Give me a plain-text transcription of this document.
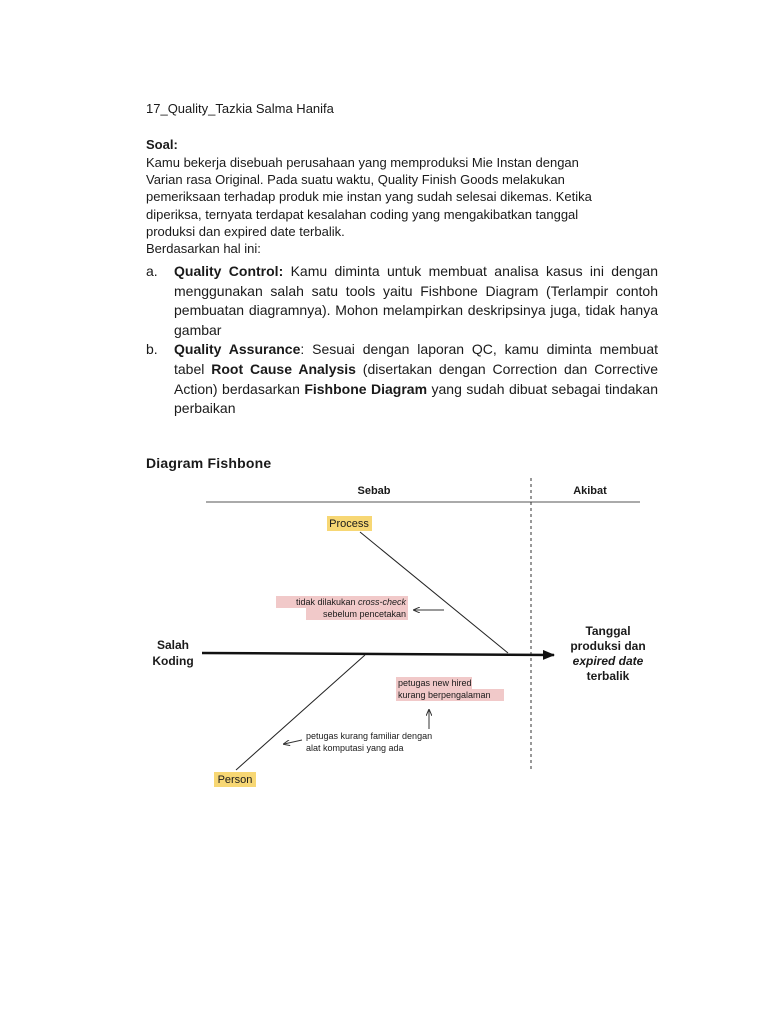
17_Quality_Tazkia Salma Hanifa
Soal:
Kamu bekerja disebuah perusahaan yang memproduksi Mie Instan dengan
Varian rasa Original. Pada suatu waktu, Quality Finish Goods melakukan
pemeriksaan terhadap produk mie instan yang sudah selesai dikemas. Ketika
diperiksa, ternyata terdapat kesalahan coding yang mengakibatkan tanggal
produksi dan expired date terbalik.
Berdasarkan hal ini:
a.	Quality Control: Kamu diminta untuk membuat analisa kasus ini dengan menggunakan salah satu tools yaitu Fishbone Diagram (Terlampir contoh pembuatan diagramnya). Mohon melampirkan deskripsinya juga, tidak hanya gambar
b.	Quality Assurance: Sesuai dengan laporan QC, kamu diminta membuat tabel Root Cause Analysis (disertakan dengan Correction dan Corrective Action) berdasarkan Fishbone Diagram yang sudah dibuat sebagai tindakan perbaikan
Diagram Fishbone
Sebab	Akibat
Salah
Koding
Tanggal
produksi dan
expired date
terbalik
Process
Person
tidak dilakukan cross-check
sebelum pencetakan
petugas new hired
kurang berpengalaman
petugas kurang familiar dengan
alat komputasi yang ada
